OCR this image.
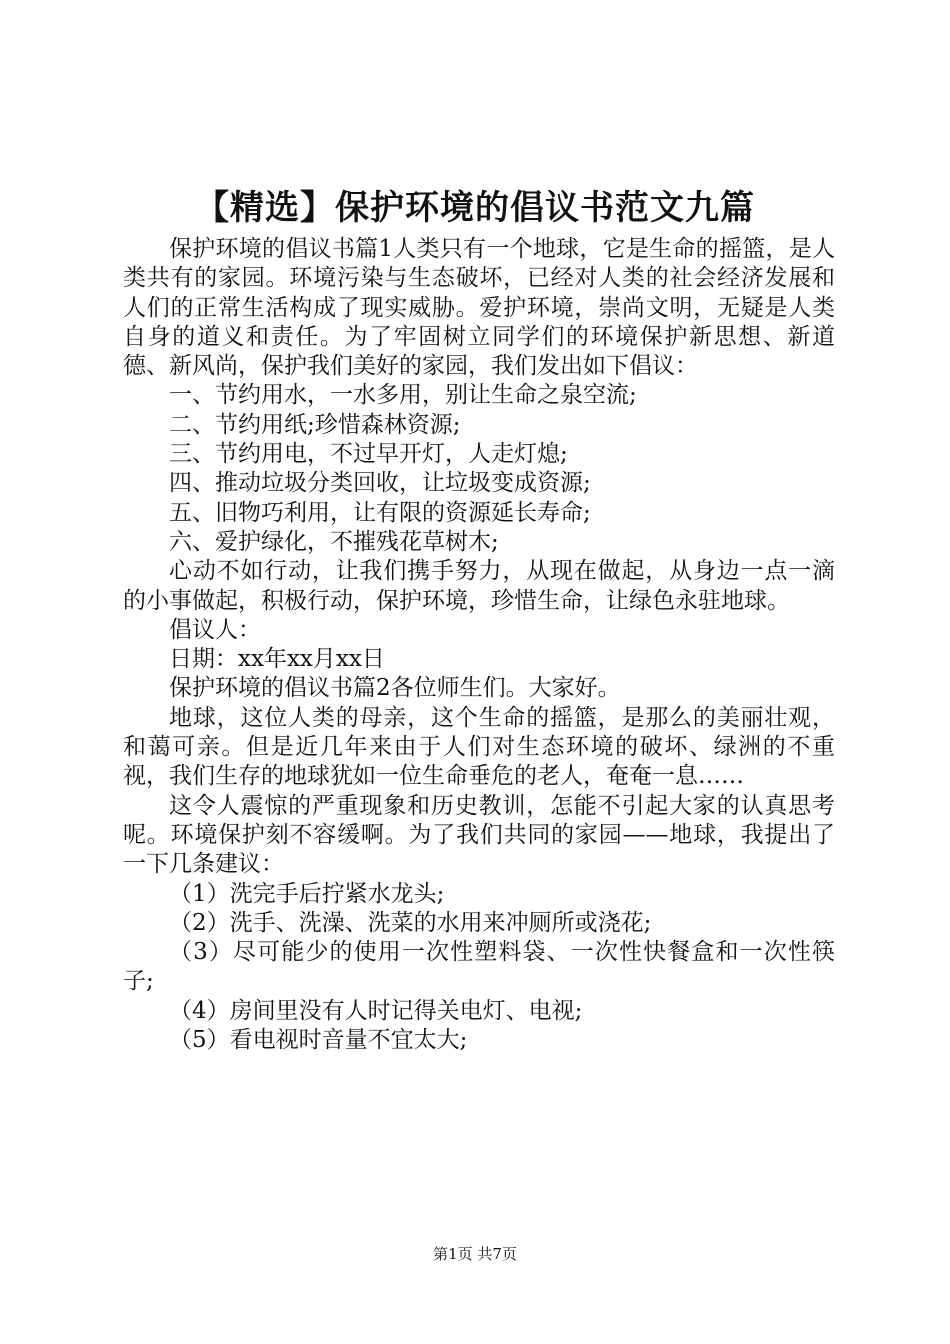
【精选】保护环境的倡议书范文九篇

保护环境的倡议书篇1人类只有一个地球，它是生命的摇篮，是人类共有的家园。环境污染与生态破坏，已经对人类的社会经济发展和人们的正常生活构成了现实威胁。爱护环境，崇尚文明，无疑是人类自身的道义和责任。为了牢固树立同学们的环境保护新思想、新道德、新风尚，保护我们美好的家园，我们发出如下倡议：

一、节约用水，一水多用，别让生命之泉空流;

二、节约用纸;珍惜森林资源;

三、节约用电，不过早开灯，人走灯熄;

四、推动垃圾分类回收，让垃圾变成资源;

五、旧物巧利用，让有限的资源延长寿命;

六、爱护绿化，不摧残花草树木;

心动不如行动，让我们携手努力，从现在做起，从身边一点一滴的小事做起，积极行动，保护环境，珍惜生命，让绿色永驻地球。

倡议人：

日期：xx年xx月xx日

保护环境的倡议书篇2各位师生们。大家好。

地球，这位人类的母亲，这个生命的摇篮，是那么的美丽壮观，和蔼可亲。但是近几年来由于人们对生态环境的破坏、绿洲的不重视，我们生存的地球犹如一位生命垂危的老人，奄奄一息……

这令人震惊的严重现象和历史教训，怎能不引起大家的认真思考呢。环境保护刻不容缓啊。为了我们共同的家园——地球，我提出了一下几条建议：

（1）洗完手后拧紧水龙头;

（2）洗手、洗澡、洗菜的水用来冲厕所或浇花;

（3）尽可能少的使用一次性塑料袋、一次性快餐盒和一次性筷子;

（4）房间里没有人时记得关电灯、电视;

（5）看电视时音量不宜太大;

第1页 共7页
